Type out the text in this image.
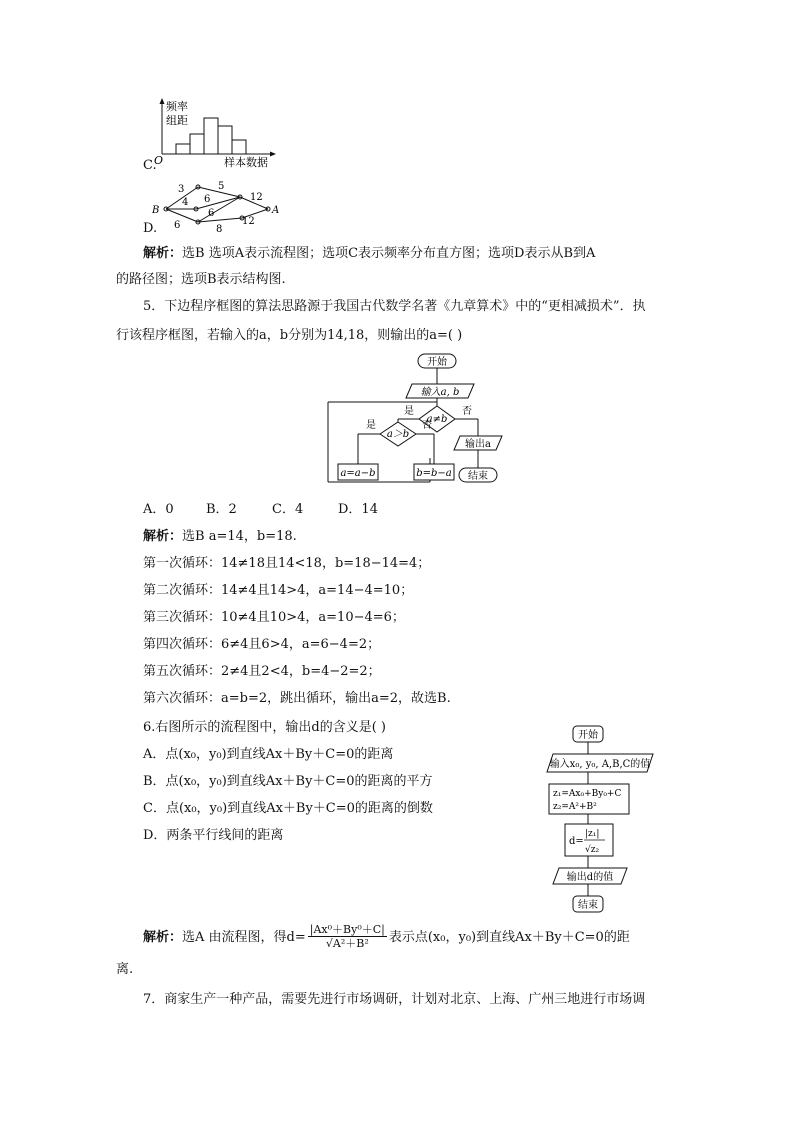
频率
组距
O	样本数据
C.
B	A
3	5
12
4 6
6
12
6	8
D.
解析：选B 选项A表示流程图；选项C表示频率分布直方图；选项D表示从B到A
的路径图；选项B表示结构图.
5．下边程序框图的算法思路源于我国古代数学名著《九章算术》中的“更相减损术”．执
行该程序框图，若输入的a，b分别为14,18，则输出的a=( )
开始
输入a, b
a≠b
是	否
输出a
结束
a＞b
是	否
a=a−b	b=b−a
A．0 B．2	C．4	D．14
解析：选B a=14，b=18.
第一次循环：14≠18且14<18，b=18−14=4；
第二次循环：14≠4且14>4，a=14−4=10；
第三次循环：10≠4且10>4，a=10−4=6；
第四次循环：6≠4且6>4，a=6−4=2；
第五次循环：2≠4且2<4，b=4−2=2；
第六次循环：a=b=2，跳出循环，输出a=2，故选B.
6.右图所示的流程图中，输出d的含义是( )
A．点(x₀，y₀)到直线Ax＋By＋C=0的距离
B．点(x₀，y₀)到直线Ax＋By＋C=0的距离的平方
C．点(x₀，y₀)到直线Ax＋By＋C=0的距离的倒数
D．两条平行线间的距离
开始
输入x₀, y₀, A,B,C的值
z₁=Ax₀+By₀+C
z₂=A²+B²
d=
|z₁|
√z₂
输出d的值
结束
解析： 选A 由流程图，得$d= \frac{\text{|Ax⁰＋By⁰＋C|}}{\text{√A²＋B²}}$ 表示点(x₀，y₀)到直线Ax＋By＋C=0的距
离.
7．商家生产一种产品，需要先进行市场调研，计划对北京、上海、广州三地进行市场调
